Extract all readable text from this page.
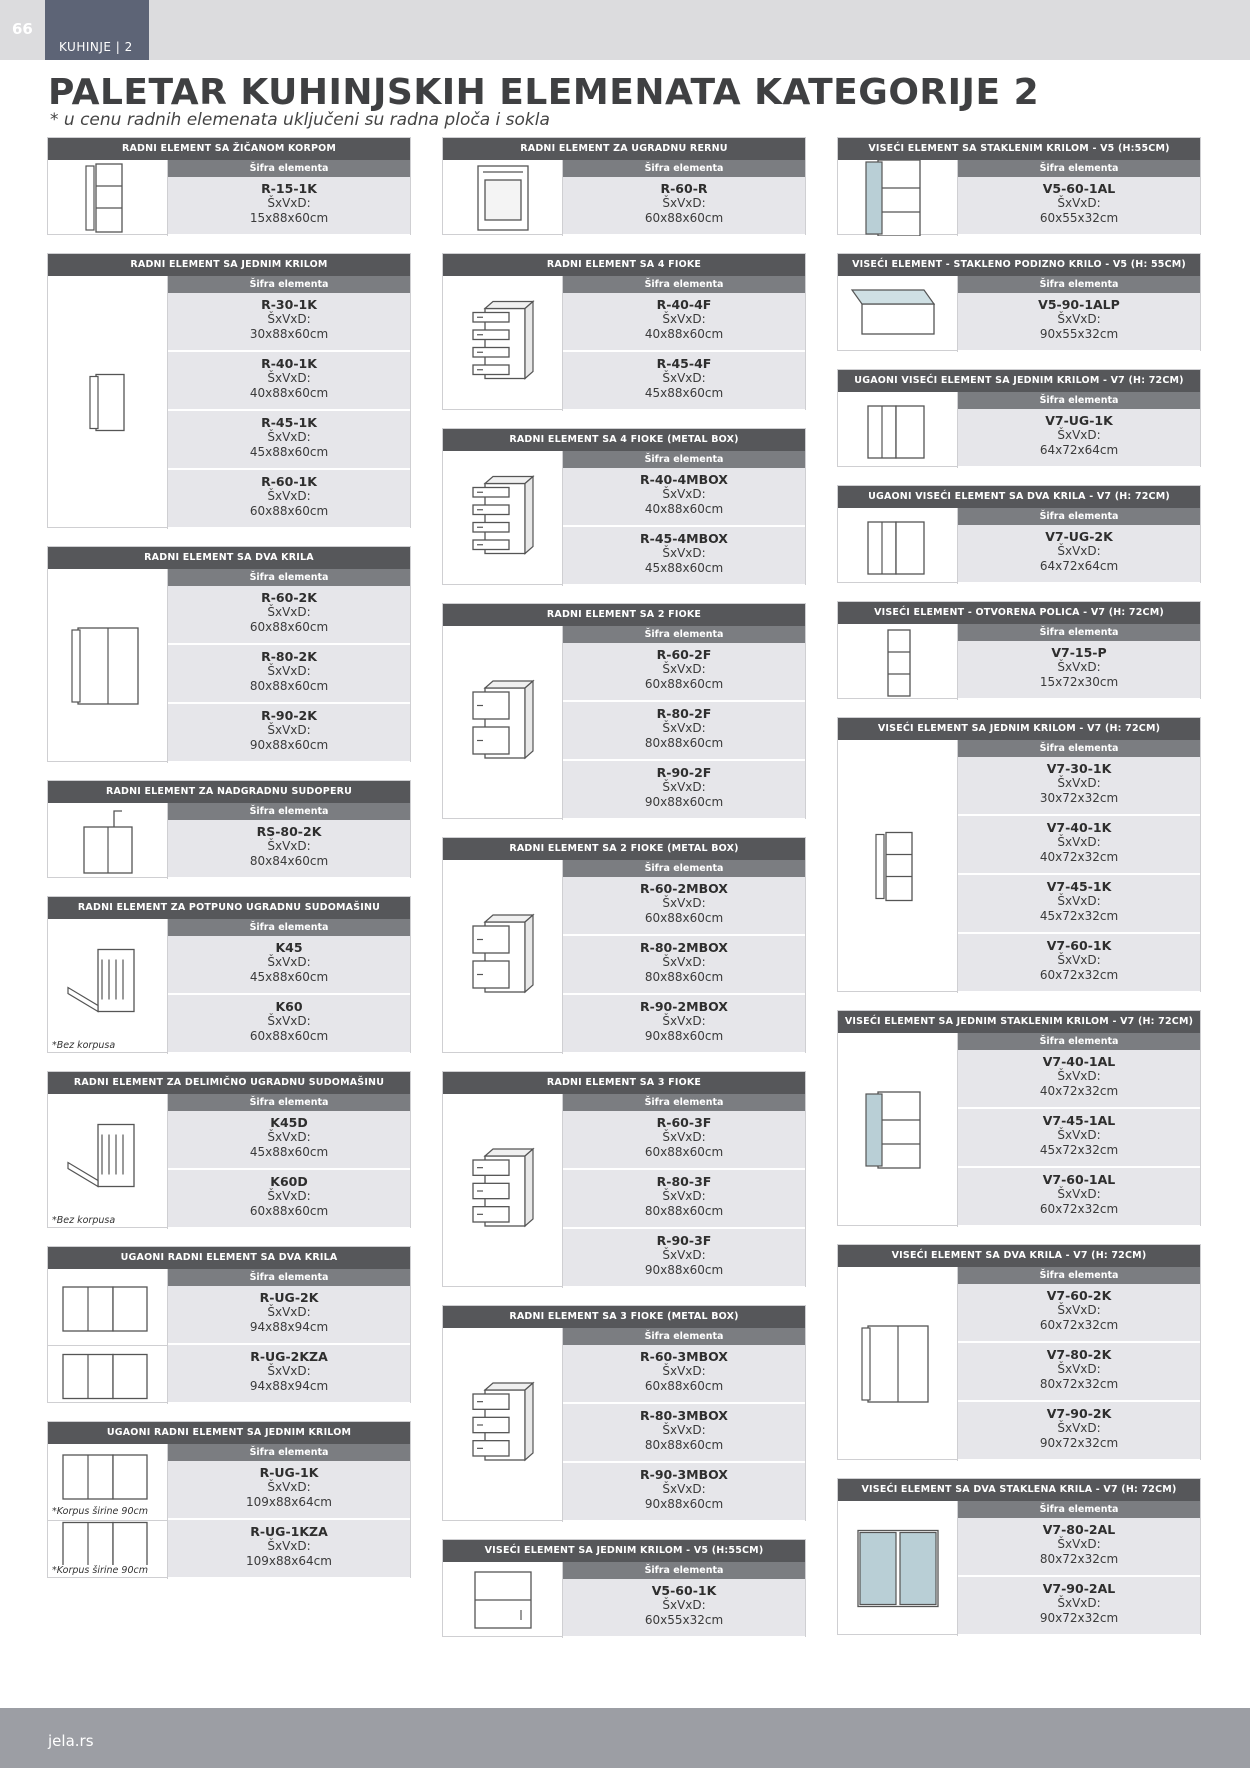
66
KUHINJE | 2
PALETAR KUHINJSKIH ELEMENATA KATEGORIJE 2
* u cenu radnih elemenata uključeni su radna ploča i sokla
RADNI ELEMENT SA ŽIČANOM KORPOM
Šifra elementa
R-15-1K
ŠxVxD:
15x88x60cm
RADNI ELEMENT SA JEDNIM KRILOM
Šifra elementa
R-30-1K
ŠxVxD:
30x88x60cm
R-40-1K
ŠxVxD:
40x88x60cm
R-45-1K
ŠxVxD:
45x88x60cm
R-60-1K
ŠxVxD:
60x88x60cm
RADNI ELEMENT SA DVA KRILA
Šifra elementa
R-60-2K
ŠxVxD:
60x88x60cm
R-80-2K
ŠxVxD:
80x88x60cm
R-90-2K
ŠxVxD:
90x88x60cm
RADNI ELEMENT ZA NADGRADNU SUDOPERU
Šifra elementa
RS-80-2K
ŠxVxD:
80x84x60cm
RADNI ELEMENT ZA POTPUNO UGRADNU SUDOMAŠINU
*Bez korpusa
Šifra elementa
K45
ŠxVxD:
45x88x60cm
K60
ŠxVxD:
60x88x60cm
RADNI ELEMENT ZA DELIMIČNO UGRADNU SUDOMAŠINU
*Bez korpusa
Šifra elementa
K45D
ŠxVxD:
45x88x60cm
K60D
ŠxVxD:
60x88x60cm
UGAONI RADNI ELEMENT SA DVA KRILA
Šifra elementa
R-UG-2K
ŠxVxD:
94x88x94cm
R-UG-2KZA
ŠxVxD:
94x88x94cm
UGAONI RADNI ELEMENT SA JEDNIM KRILOM
*Korpus širine 90cm
*Korpus širine 90cm
Šifra elementa
R-UG-1K
ŠxVxD:
109x88x64cm
R-UG-1KZA
ŠxVxD:
109x88x64cm
RADNI ELEMENT ZA UGRADNU RERNU
Šifra elementa
R-60-R
ŠxVxD:
60x88x60cm
RADNI ELEMENT SA 4 FIOKE
Šifra elementa
R-40-4F
ŠxVxD:
40x88x60cm
R-45-4F
ŠxVxD:
45x88x60cm
RADNI ELEMENT SA 4 FIOKE (METAL BOX)
Šifra elementa
R-40-4MBOX
ŠxVxD:
40x88x60cm
R-45-4MBOX
ŠxVxD:
45x88x60cm
RADNI ELEMENT SA 2 FIOKE
Šifra elementa
R-60-2F
ŠxVxD:
60x88x60cm
R-80-2F
ŠxVxD:
80x88x60cm
R-90-2F
ŠxVxD:
90x88x60cm
RADNI ELEMENT SA 2 FIOKE (METAL BOX)
Šifra elementa
R-60-2MBOX
ŠxVxD:
60x88x60cm
R-80-2MBOX
ŠxVxD:
80x88x60cm
R-90-2MBOX
ŠxVxD:
90x88x60cm
RADNI ELEMENT SA 3 FIOKE
Šifra elementa
R-60-3F
ŠxVxD:
60x88x60cm
R-80-3F
ŠxVxD:
80x88x60cm
R-90-3F
ŠxVxD:
90x88x60cm
RADNI ELEMENT SA 3 FIOKE (METAL BOX)
Šifra elementa
R-60-3MBOX
ŠxVxD:
60x88x60cm
R-80-3MBOX
ŠxVxD:
80x88x60cm
R-90-3MBOX
ŠxVxD:
90x88x60cm
VISEĆI ELEMENT SA JEDNIM KRILOM - V5 (H:55CM)
Šifra elementa
V5-60-1K
ŠxVxD:
60x55x32cm
VISEĆI ELEMENT SA STAKLENIM KRILOM - V5 (H:55CM)
Šifra elementa
V5-60-1AL
ŠxVxD:
60x55x32cm
VISEĆI ELEMENT - STAKLENO PODIZNO KRILO - V5 (H: 55CM)
Šifra elementa
V5-90-1ALP
ŠxVxD:
90x55x32cm
UGAONI VISEĆI ELEMENT SA JEDNIM KRILOM - V7 (H: 72CM)
Šifra elementa
V7-UG-1K
ŠxVxD:
64x72x64cm
UGAONI VISEĆI ELEMENT SA DVA KRILA - V7 (H: 72CM)
Šifra elementa
V7-UG-2K
ŠxVxD:
64x72x64cm
VISEĆI ELEMENT - OTVORENA POLICA - V7 (H: 72CM)
Šifra elementa
V7-15-P
ŠxVxD:
15x72x30cm
VISEĆI ELEMENT SA JEDNIM KRILOM - V7 (H: 72CM)
Šifra elementa
V7-30-1K
ŠxVxD:
30x72x32cm
V7-40-1K
ŠxVxD:
40x72x32cm
V7-45-1K
ŠxVxD:
45x72x32cm
V7-60-1K
ŠxVxD:
60x72x32cm
VISEĆI ELEMENT SA JEDNIM STAKLENIM KRILOM - V7 (H: 72CM)
Šifra elementa
V7-40-1AL
ŠxVxD:
40x72x32cm
V7-45-1AL
ŠxVxD:
45x72x32cm
V7-60-1AL
ŠxVxD:
60x72x32cm
VISEĆI ELEMENT SA DVA KRILA - V7 (H: 72CM)
Šifra elementa
V7-60-2K
ŠxVxD:
60x72x32cm
V7-80-2K
ŠxVxD:
80x72x32cm
V7-90-2K
ŠxVxD:
90x72x32cm
VISEĆI ELEMENT SA DVA STAKLENA KRILA - V7 (H: 72CM)
Šifra elementa
V7-80-2AL
ŠxVxD:
80x72x32cm
V7-90-2AL
ŠxVxD:
90x72x32cm
jela.rs
